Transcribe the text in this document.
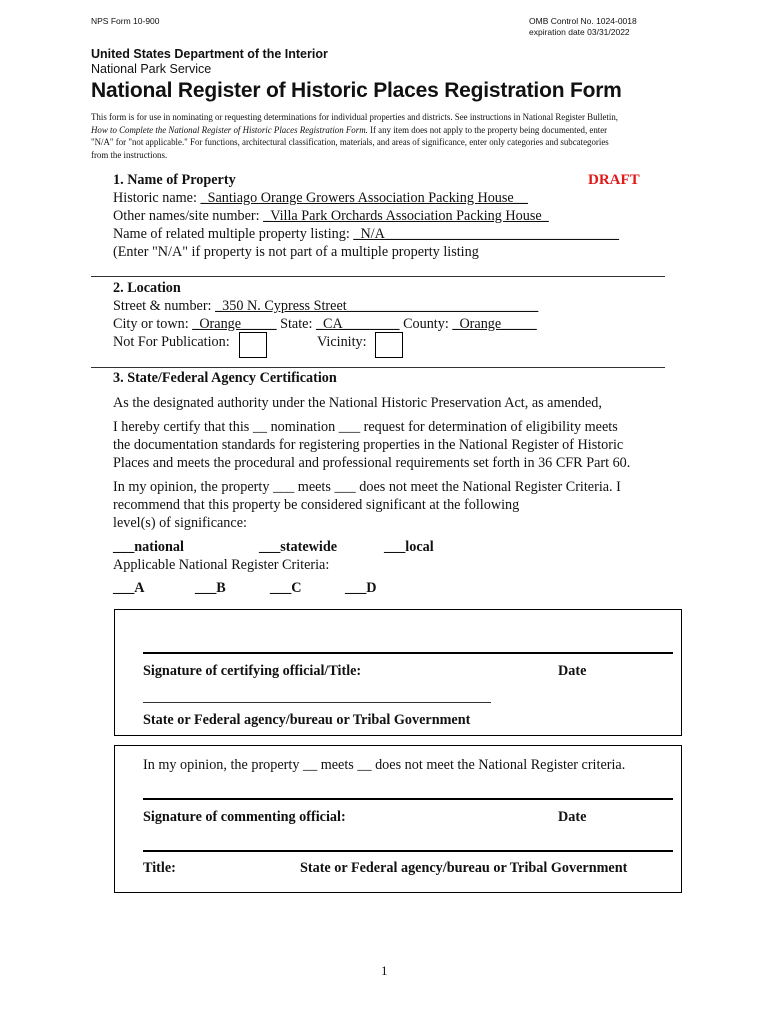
NPS Form 10-900	OMB Control No. 1024-0018
expiration date 03/31/2022
United States Department of the Interior
National Park Service
National Register of Historic Places Registration Form
This form is for use in nominating or requesting determinations for individual properties and districts. See instructions in National Register Bulletin,
How to Complete the National Register of Historic Places Registration Form. If any item does not apply to the property being documented, enter
"N/A" for "not applicable." For functions, architectural classification, materials, and areas of significance, enter only categories and subcategories
from the instructions.
1. Name of Property	DRAFT
Historic name: _Santiago Orange Growers Association Packing House__
Other names/site number: _Villa Park Orchards Association Packing House_
Name of related multiple property listing: _N/A_________________________________
(Enter "N/A" if property is not part of a multiple property listing
2. Location
Street & number: _350 N. Cypress Street___________________________
City or town: _Orange_____ State: _CA________ County: _Orange_____
Not For Publication:	Vicinity:
3. State/Federal Agency Certification
As the designated authority under the National Historic Preservation Act, as amended,
I hereby certify that this __ nomination ___ request for determination of eligibility meets
the documentation standards for registering properties in the National Register of Historic
Places and meets the procedural and professional requirements set forth in 36 CFR Part 60.
In my opinion, the property ___ meets ___ does not meet the National Register Criteria. I
recommend that this property be considered significant at the following
level(s) of significance:
___national	___statewide	___local
Applicable National Register Criteria:
___A	___B	___C	___D
Signature of certifying official/Title:	Date
State or Federal agency/bureau or Tribal Government
In my opinion, the property __ meets __ does not meet the National Register criteria.
Signature of commenting official:	Date
Title:	State or Federal agency/bureau or Tribal Government
1
